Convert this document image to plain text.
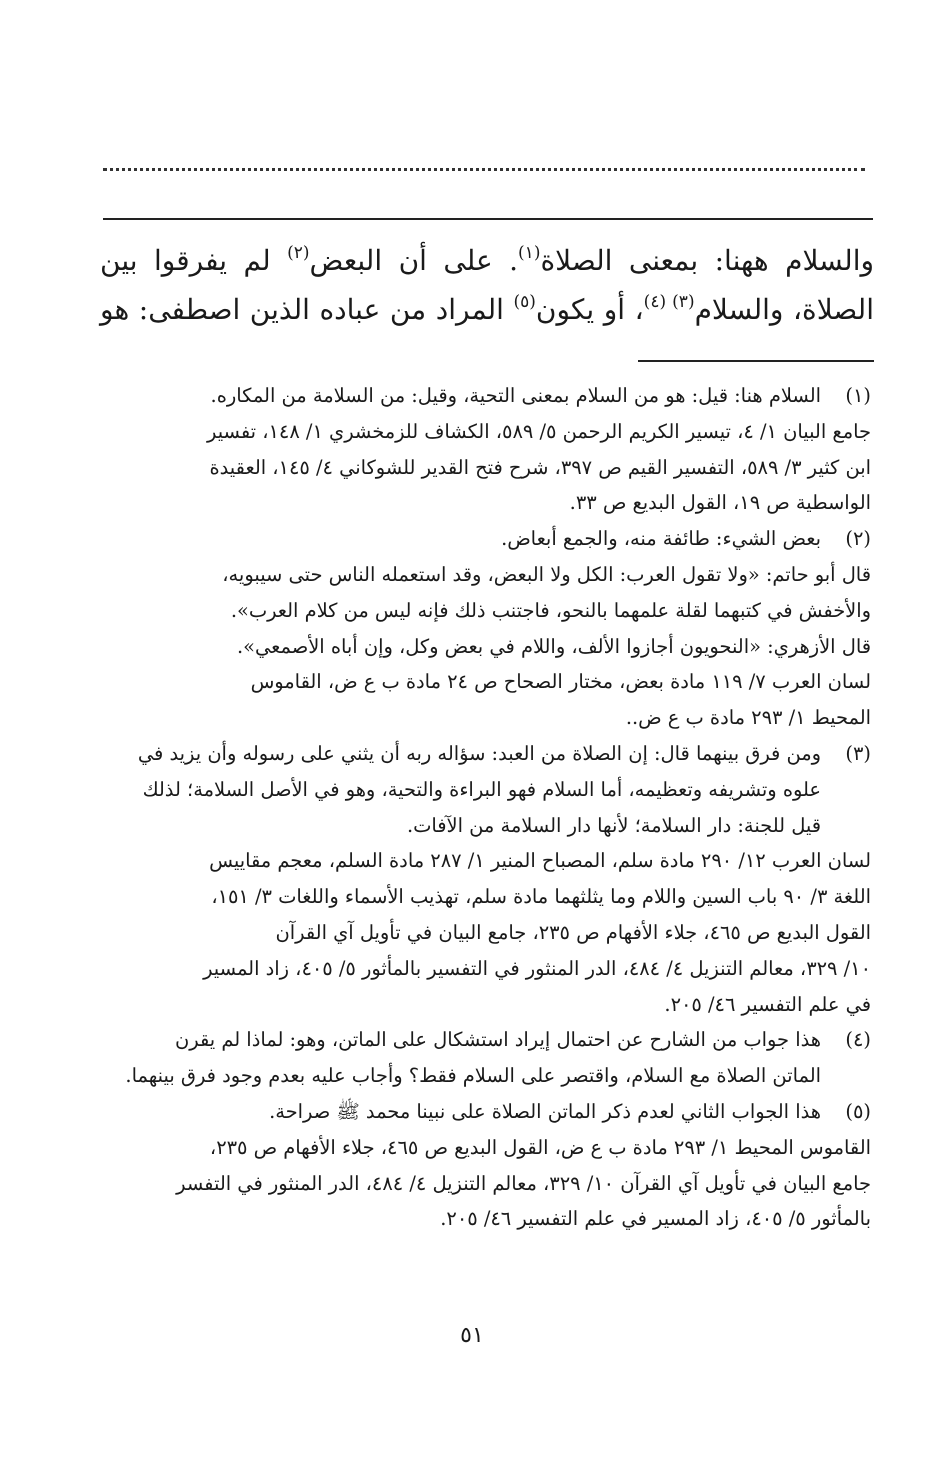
والسلام ههنا: بمعنى الصلاة$^{(١)}$. على أن البعض$^{(٢)}$ لم يفرقوا بين
الصلاة، والسلام$^{(٣)}$ $^{(٤)}$، أو يكون$^{(٥)}$ المراد من عباده الذين اصطفى: هو
(١)
السلام هنا: قيل: هو من السلام بمعنى التحية، وقيل: من السلامة من المكاره.
جامع البيان ١/ ٤، تيسير الكريم الرحمن ٥/ ٥٨٩، الكشاف للزمخشري ١/ ١٤٨، تفسير
ابن كثير ٣/ ٥٨٩، التفسير القيم ص ٣٩٧، شرح فتح القدير للشوكاني ٤/ ١٤٥، العقيدة
الواسطية ص ١٩، القول البديع ص ٣٣.
(٢)
بعض الشيء: طائفة منه، والجمع أبعاض.
قال أبو حاتم: «ولا تقول العرب: الكل ولا البعض، وقد استعمله الناس حتى سيبويه،
والأخفش في كتبهما لقلة علمهما بالنحو، فاجتنب ذلك فإنه ليس من كلام العرب».
قال الأزهري: «النحويون أجازوا الألف، واللام في بعض وكل، وإن أباه الأصمعي».
لسان العرب ٧/ ١١٩ مادة بعض، مختار الصحاح ص ٢٤ مادة ب ع ض، القاموس
المحيط ١/ ٢٩٣ مادة ب ع ض..
(٣)
ومن فرق بينهما قال: إن الصلاة من العبد: سؤاله ربه أن يثني على رسوله وأن يزيد في
علوه وتشريفه وتعظيمه، أما السلام فهو البراءة والتحية، وهو في الأصل السلامة؛ لذلك
قيل للجنة: دار السلامة؛ لأنها دار السلامة من الآفات.
لسان العرب ١٢/ ٢٩٠ مادة سلم، المصباح المنير ١/ ٢٨٧ مادة السلم، معجم مقاييس
اللغة ٣/ ٩٠ باب السين واللام وما يثلثهما مادة سلم، تهذيب الأسماء واللغات ٣/ ١٥١،
القول البديع ص ٤٦٥، جلاء الأفهام ص ٢٣٥، جامع البيان في تأويل آي القرآن
١٠/ ٣٢٩، معالم التنزيل ٤/ ٤٨٤، الدر المنثور في التفسير بالمأثور ٥/ ٤٠٥، زاد المسير
في علم التفسير ٤٦/ ٢٠٥.
(٤)
هذا جواب من الشارح عن احتمال إيراد استشكال على الماتن، وهو: لماذا لم يقرن
الماتن الصلاة مع السلام، واقتصر على السلام فقط؟ وأجاب عليه بعدم وجود فرق بينهما.
(٥)
هذا الجواب الثاني لعدم ذكر الماتن الصلاة على نبينا محمد ﷺ صراحة.
القاموس المحيط ١/ ٢٩٣ مادة ب ع ض، القول البديع ص ٤٦٥، جلاء الأفهام ص ٢٣٥،
جامع البيان في تأويل آي القرآن ١٠/ ٣٢٩، معالم التنزيل ٤/ ٤٨٤، الدر المنثور في التفسر
بالمأثور ٥/ ٤٠٥، زاد المسير في علم التفسير ٤٦/ ٢٠٥.
٥١
